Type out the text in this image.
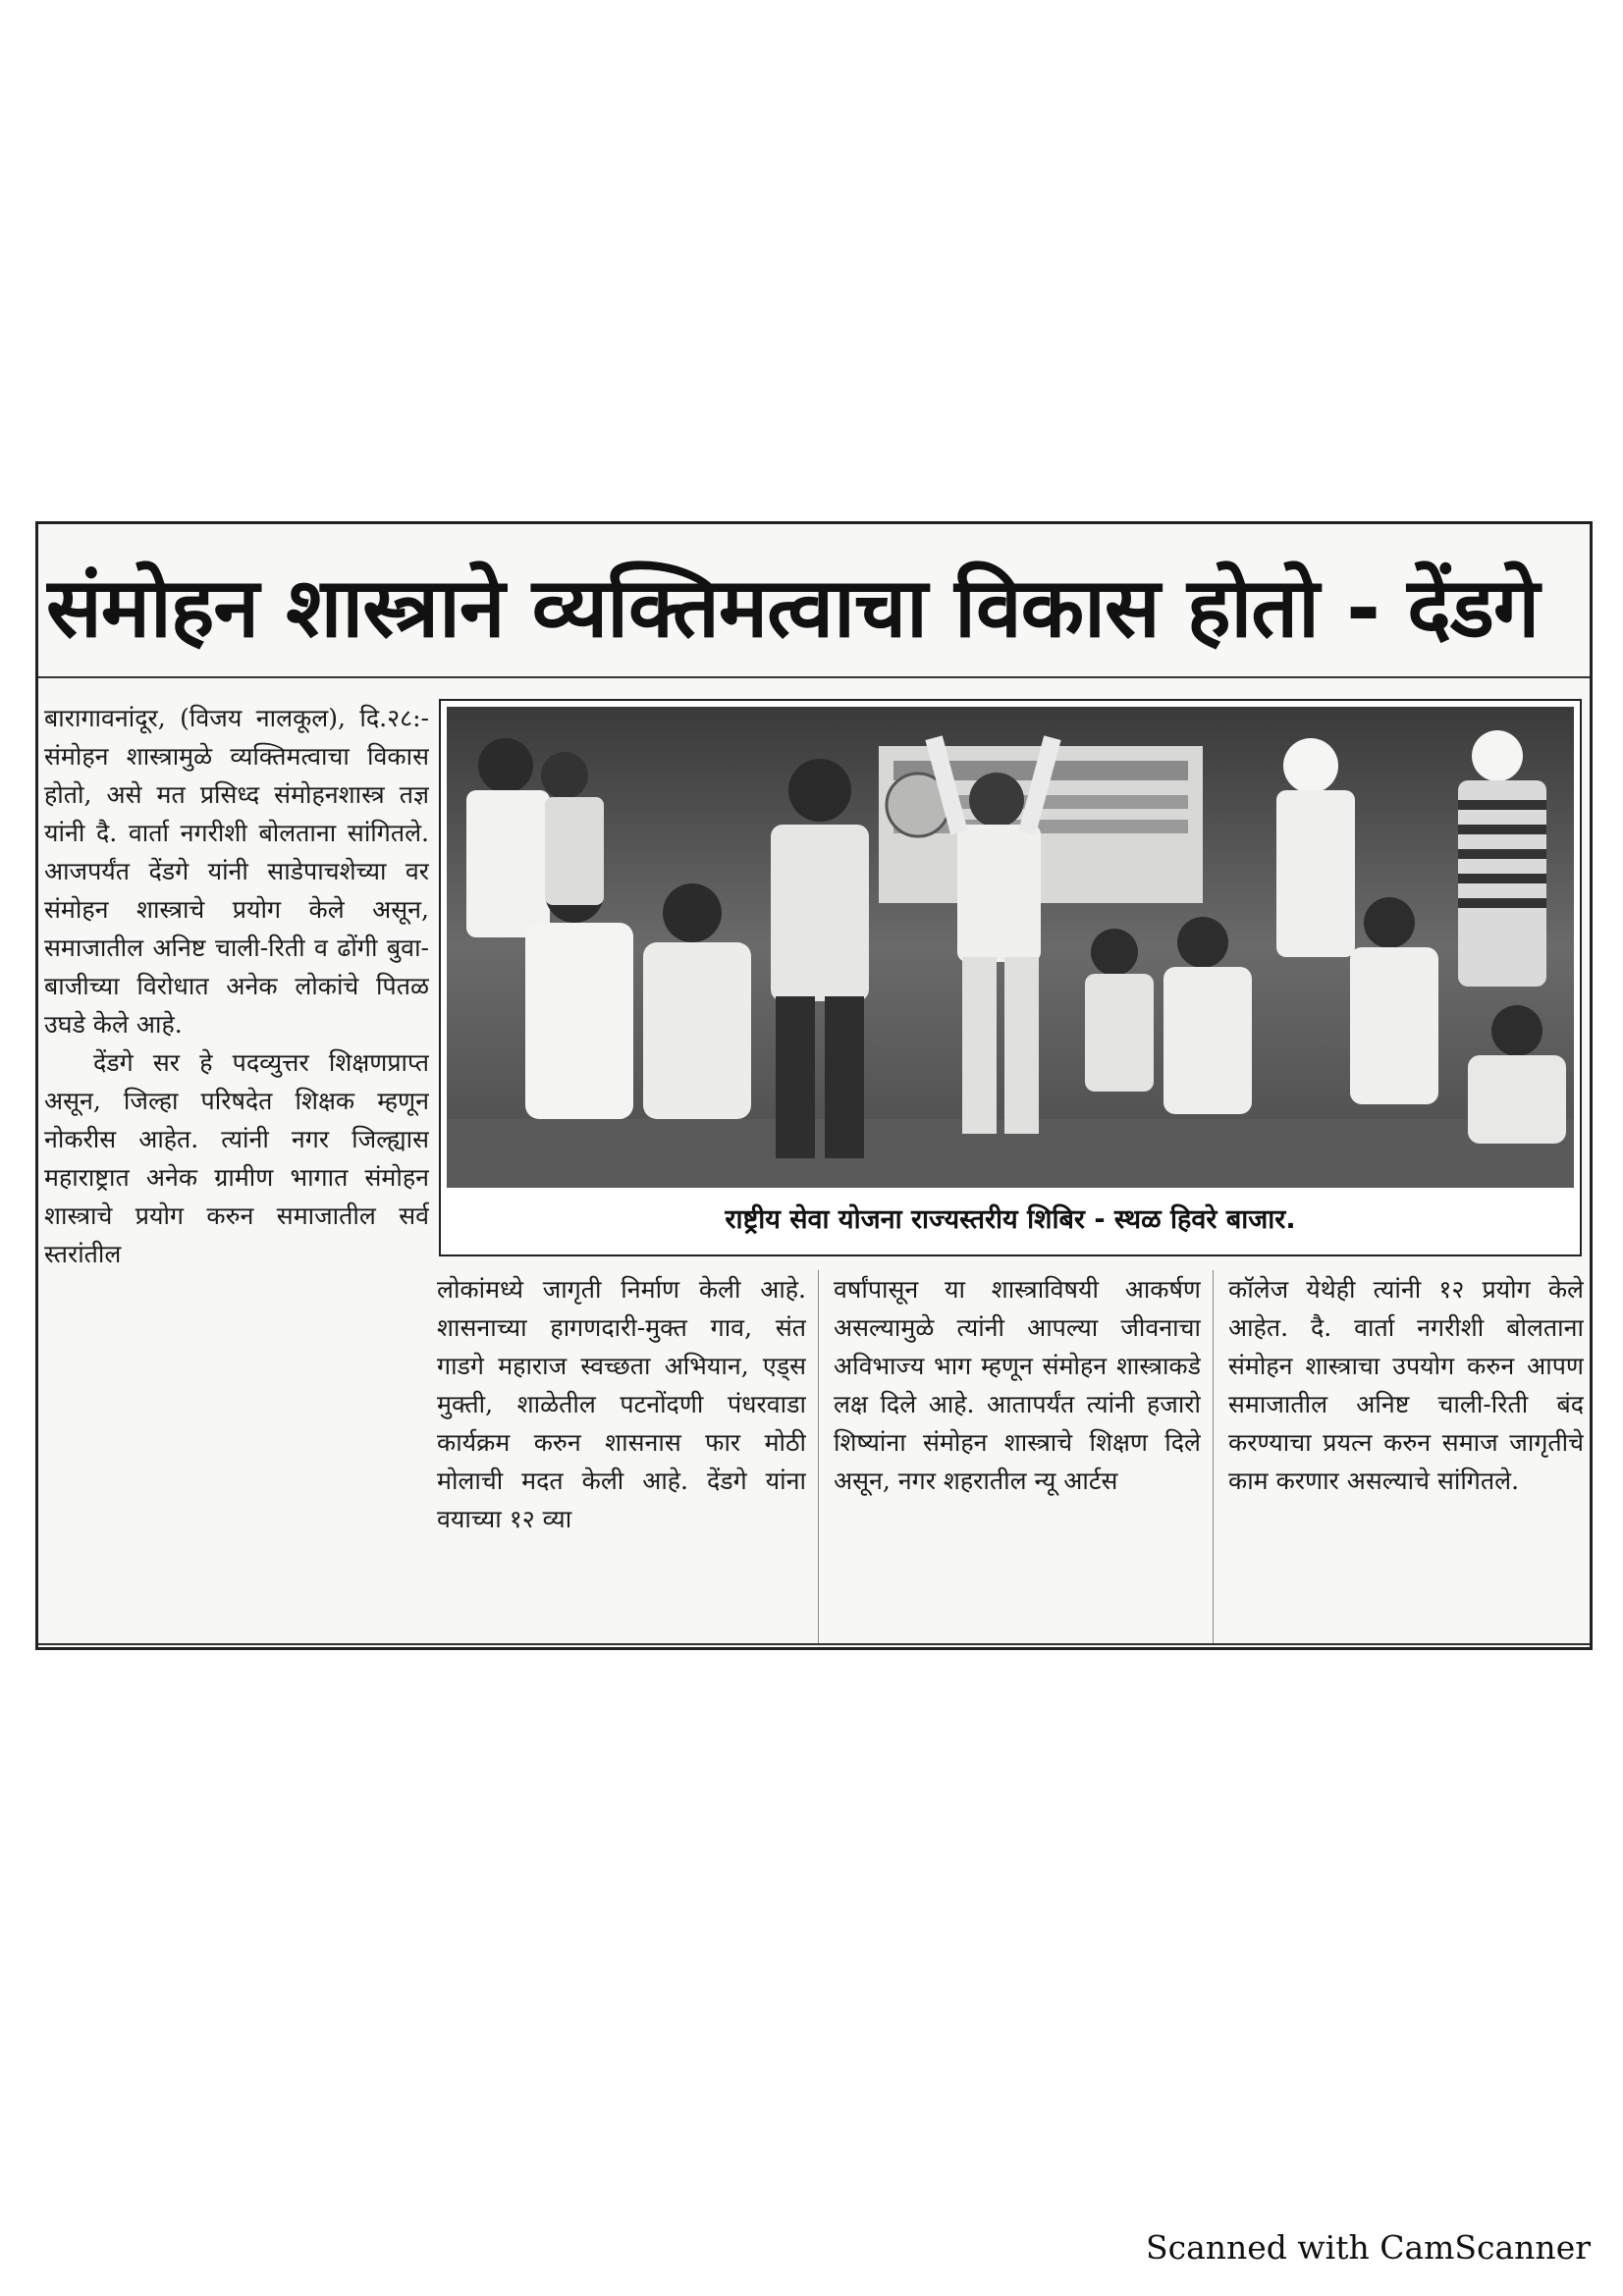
संमोहन शास्त्राने व्यक्तिमत्वाचा विकास होतो - देंडगे

बारागावनांदूर, (विजय नालकूल), दि.२८:-संमोहन शास्त्रामुळे व्यक्तिमत्वाचा विकास होतो, असे मत प्रसिध्द संमोहनशास्त्र तज्ञ यांनी दै. वार्ता नगरीशी बोलताना सांगितले. आजपर्यंत देंडगे यांनी साडेपाचशेच्या वर संमोहन शास्त्राचे प्रयोग केले असून, समाजातील अनिष्ट चाली-रिती व ढोंगी बुवा-बाजीच्या विरोधात अनेक लोकांचे पितळ उघडे केले आहे.

देंडगे सर हे पदव्युत्तर शिक्षणप्राप्त असून, जिल्हा परिषदेत शिक्षक म्हणून नोकरीस आहेत. त्यांनी नगर जिल्ह्यास महाराष्ट्रात अनेक ग्रामीण भागात संमोहन शास्त्राचे प्रयोग करुन समाजातील सर्व स्तरांतील

राष्ट्रीय सेवा योजना राज्यस्तरीय शिबिर - स्थळ हिवरे बाजार.
लोकांमध्ये जागृती निर्माण केली आहे. शासनाच्या हागणदारी-मुक्त गाव, संत गाडगे महाराज स्वच्छता अभियान, एड्स मुक्ती, शाळेतील पटनोंदणी पंधरवाडा कार्यक्रम करुन शासनास फार मोठी मोलाची मदत केली आहे. देंडगे यांना वयाच्या १२ व्या
वर्षांपासून या शास्त्राविषयी आकर्षण असल्यामुळे त्यांनी आपल्या जीवनाचा अविभाज्य भाग म्हणून संमोहन शास्त्राकडे लक्ष दिले आहे. आतापर्यंत त्यांनी हजारो शिष्यांना संमोहन शास्त्राचे शिक्षण दिले असून, नगर शहरातील न्यू आर्टस
कॉलेज येथेही त्यांनी १२ प्रयोग केले आहेत. दै. वार्ता नगरीशी बोलताना संमोहन शास्त्राचा उपयोग करुन आपण समाजातील अनिष्ट चाली-रिती बंद करण्याचा प्रयत्न करुन समाज जागृतीचे काम करणार असल्याचे सांगितले.
Scanned with CamScanner
